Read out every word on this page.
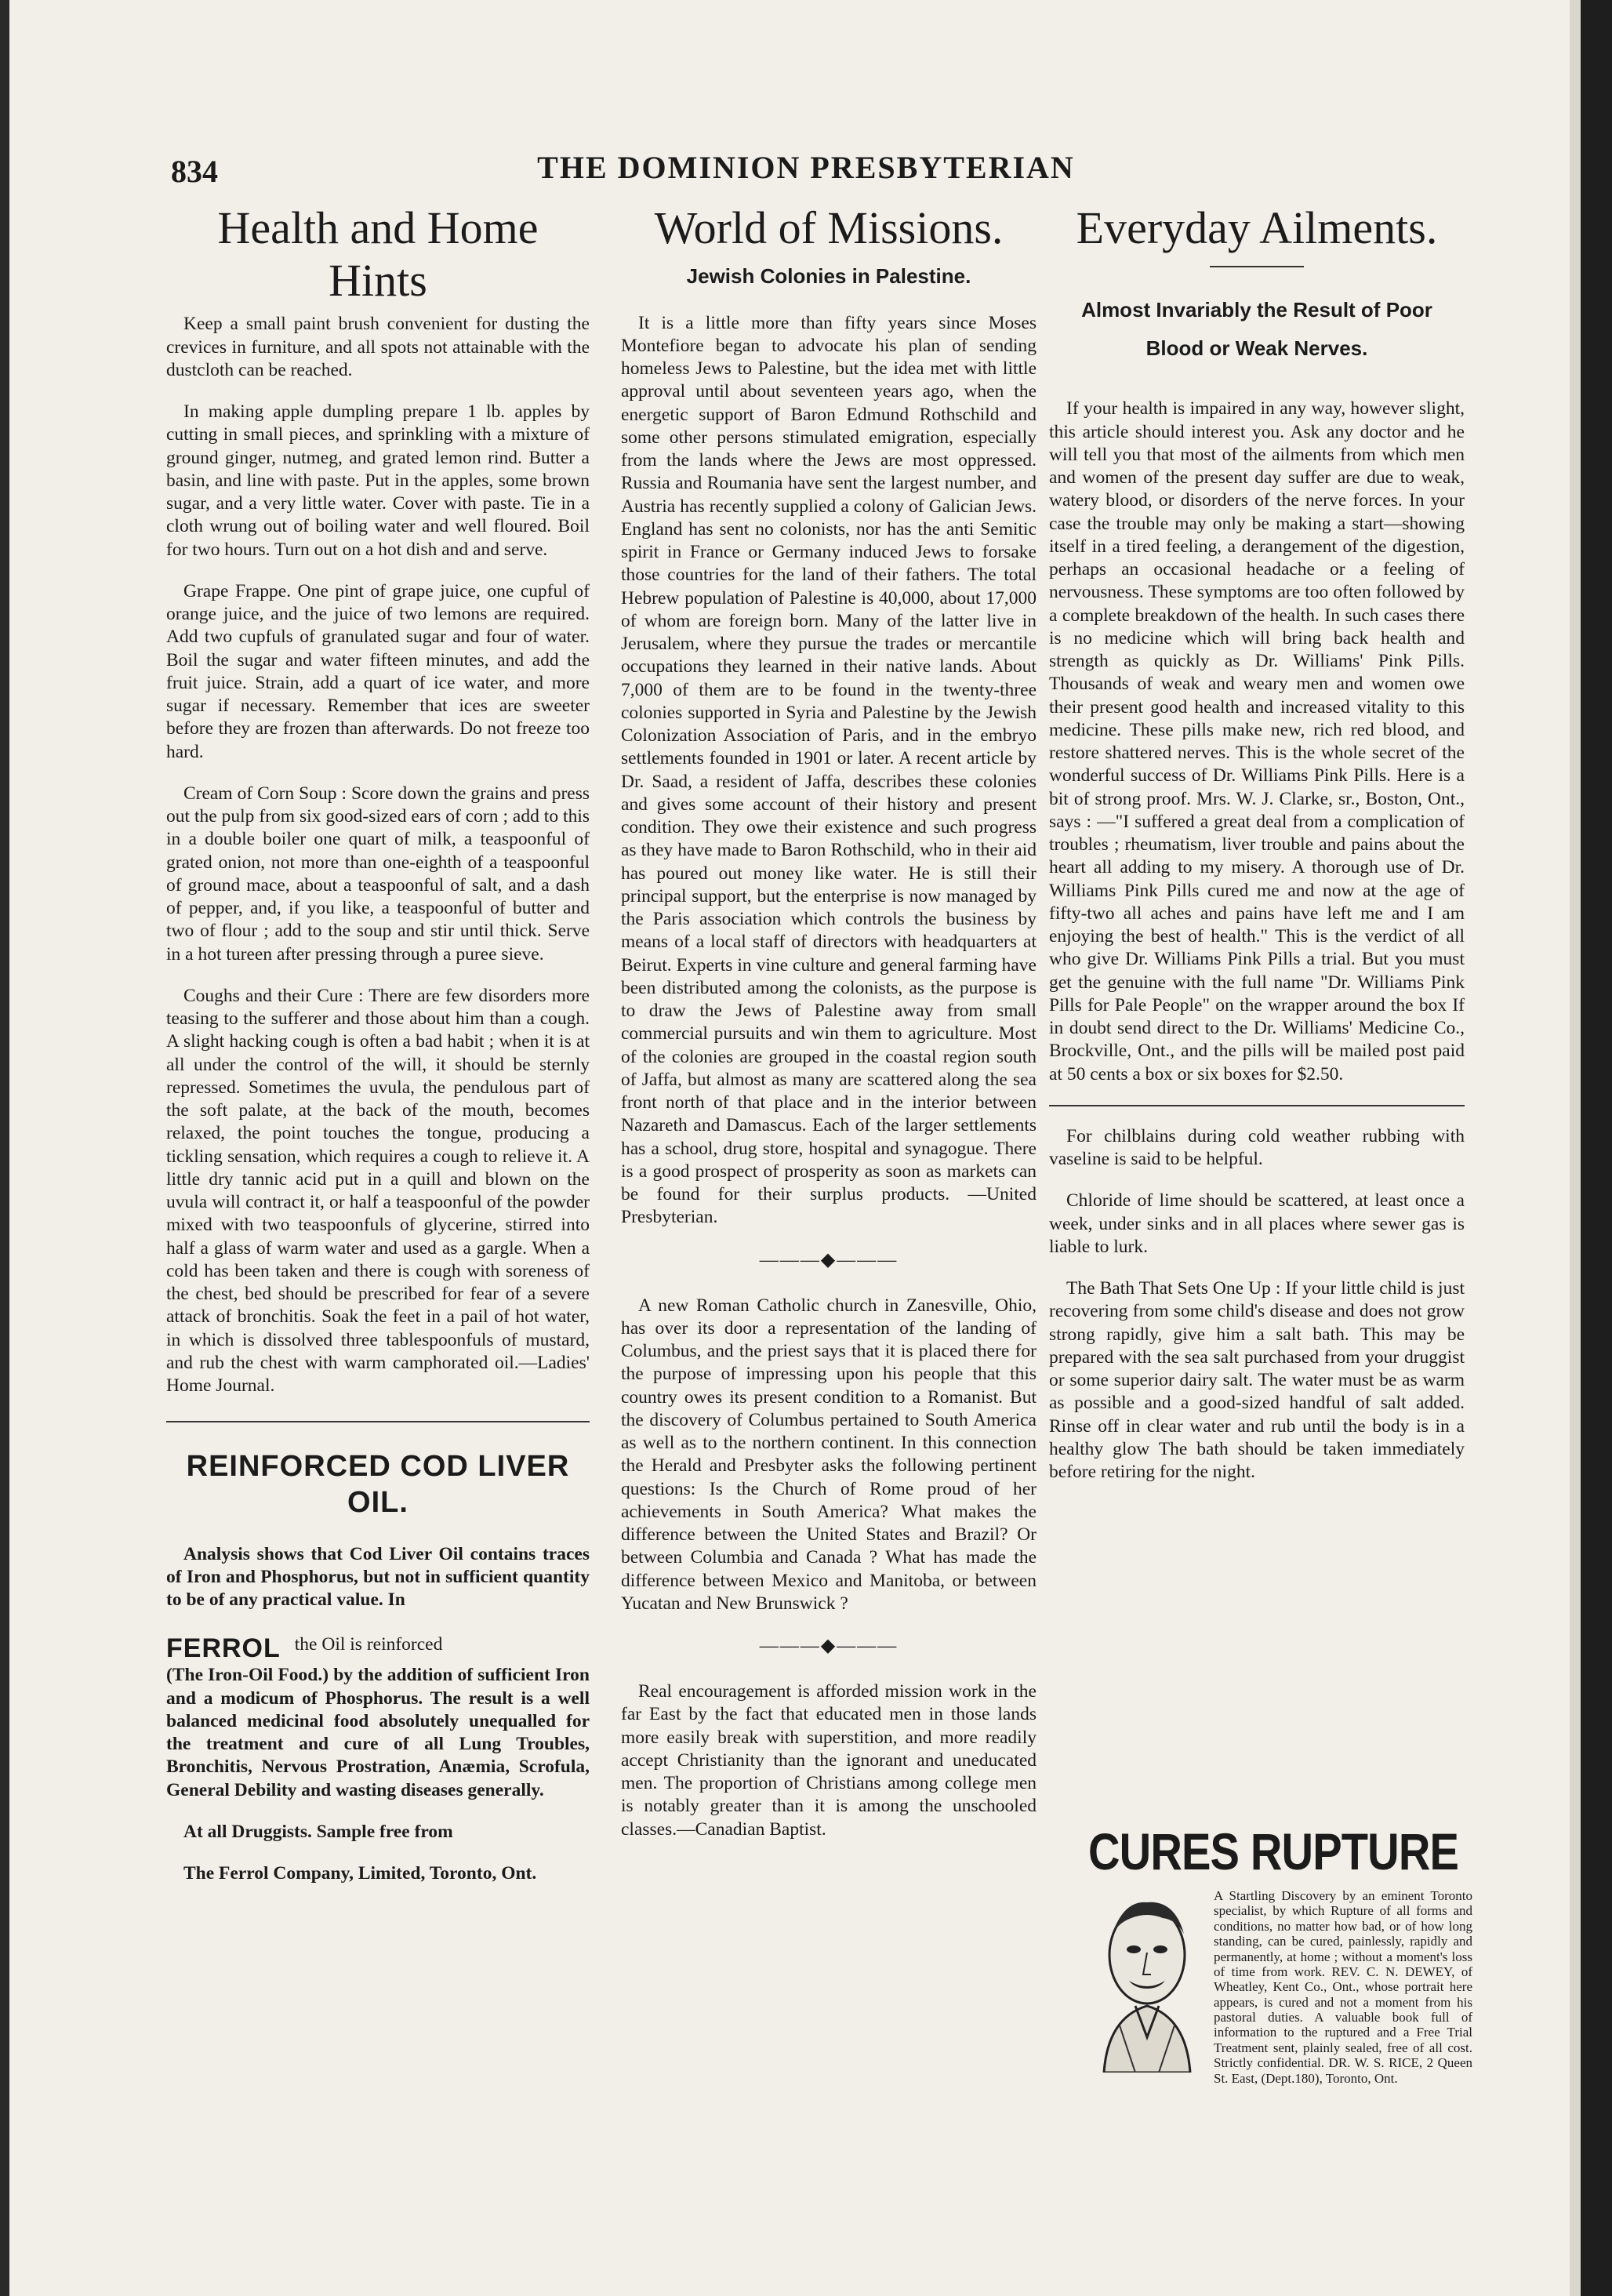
834	THE DOMINION PRESBYTERIAN
Health and Home Hints

Keep a small paint brush convenient for dusting the crevices in furniture, and all spots not attainable with the dustcloth can be reached.

In making apple dumpling prepare 1 lb. apples by cutting in small pieces, and sprinkling with a mixture of ground ginger, nutmeg, and grated lemon rind. Butter a basin, and line with paste. Put in the apples, some brown sugar, and a very little water. Cover with paste. Tie in a cloth wrung out of boiling water and well floured. Boil for two hours. Turn out on a hot dish and and serve.

Grape Frappe. One pint of grape juice, one cupful of orange juice, and the juice of two lemons are required. Add two cupfuls of granulated sugar and four of water. Boil the sugar and water fifteen minutes, and add the fruit juice. Strain, add a quart of ice water, and more sugar if necessary. Remember that ices are sweeter before they are frozen than afterwards. Do not freeze too hard.

Cream of Corn Soup : Score down the grains and press out the pulp from six good-sized ears of corn ; add to this in a double boiler one quart of milk, a teaspoonful of grated onion, not more than one-eighth of a teaspoonful of ground mace, about a teaspoonful of salt, and a dash of pepper, and, if you like, a teaspoonful of butter and two of flour ; add to the soup and stir until thick. Serve in a hot tureen after pressing through a puree sieve.

Coughs and their Cure : There are few disorders more teasing to the sufferer and those about him than a cough. A slight hacking cough is often a bad habit ; when it is at all under the control of the will, it should be sternly repressed. Sometimes the uvula, the pendulous part of the soft palate, at the back of the mouth, becomes relaxed, the point touches the tongue, producing a tickling sensation, which requires a cough to relieve it. A little dry tannic acid put in a quill and blown on the uvula will contract it, or half a teaspoonful of the powder mixed with two teaspoonfuls of glycerine, stirred into half a glass of warm water and used as a gargle. When a cold has been taken and there is cough with soreness of the chest, bed should be prescribed for fear of a severe attack of bronchitis. Soak the feet in a pail of hot water, in which is dissolved three tablespoonfuls of mustard, and rub the chest with warm camphorated oil.—Ladies' Home Journal.

REINFORCED COD LIVER OIL.

Analysis shows that Cod Liver Oil contains traces of Iron and Phosphorus, but not in sufficient quantity to be of any practical value. In

FERROL the Oil is reinforced

(The Iron-Oil Food.) by the addition of sufficient Iron and a modicum of Phosphorus. The result is a well balanced medicinal food absolutely unequalled for the treatment and cure of all Lung Troubles, Bronchitis, Nervous Prostration, Anæmia, Scrofula, General Debility and wasting diseases generally.

At all Druggists. Sample free from

The Ferrol Company, Limited, Toronto, Ont.

World of Missions.
Jewish Colonies in Palestine.

It is a little more than fifty years since Moses Montefiore began to advocate his plan of sending homeless Jews to Palestine, but the idea met with little approval until about seventeen years ago, when the energetic support of Baron Edmund Rothschild and some other persons stimulated emigration, especially from the lands where the Jews are most oppressed. Russia and Roumania have sent the largest number, and Austria has recently supplied a colony of Galician Jews. England has sent no colonists, nor has the anti Semitic spirit in France or Germany induced Jews to forsake those countries for the land of their fathers. The total Hebrew population of Palestine is 40,000, about 17,000 of whom are foreign born. Many of the latter live in Jerusalem, where they pursue the trades or mercantile occupations they learned in their native lands. About 7,000 of them are to be found in the twenty-three colonies supported in Syria and Palestine by the Jewish Colonization Association of Paris, and in the embryo settlements founded in 1901 or later. A recent article by Dr. Saad, a resident of Jaffa, describes these colonies and gives some account of their history and present condition. They owe their existence and such progress as they have made to Baron Rothschild, who in their aid has poured out money like water. He is still their principal support, but the enterprise is now managed by the Paris association which controls the business by means of a local staff of directors with headquarters at Beirut. Experts in vine culture and general farming have been distributed among the colonists, as the purpose is to draw the Jews of Palestine away from small commercial pursuits and win them to agriculture. Most of the colonies are grouped in the coastal region south of Jaffa, but almost as many are scattered along the sea front north of that place and in the interior between Nazareth and Damascus. Each of the larger settlements has a school, drug store, hospital and synagogue. There is a good prospect of prosperity as soon as markets can be found for their surplus products. —United Presbyterian.

———◆———

A new Roman Catholic church in Zanesville, Ohio, has over its door a representation of the landing of Columbus, and the priest says that it is placed there for the purpose of impressing upon his people that this country owes its present condition to a Romanist. But the discovery of Columbus pertained to South America as well as to the northern continent. In this connection the Herald and Presbyter asks the following pertinent questions: Is the Church of Rome proud of her achievements in South America? What makes the difference between the United States and Brazil? Or between Columbia and Canada ? What has made the difference between Mexico and Manitoba, or between Yucatan and New Brunswick ?

———◆———

Real encouragement is afforded mission work in the far East by the fact that educated men in those lands more easily break with superstition, and more readily accept Christianity than the ignorant and uneducated men. The proportion of Christians among college men is notably greater than it is among the unschooled classes.—Canadian Baptist.

Everyday Ailments.
Almost Invariably the Result of Poor
Blood or Weak Nerves.

If your health is impaired in any way, however slight, this article should interest you. Ask any doctor and he will tell you that most of the ailments from which men and women of the present day suffer are due to weak, watery blood, or disorders of the nerve forces. In your case the trouble may only be making a start—showing itself in a tired feeling, a derangement of the digestion, perhaps an occasional headache or a feeling of nervousness. These symptoms are too often followed by a complete breakdown of the health. In such cases there is no medicine which will bring back health and strength as quickly as Dr. Williams' Pink Pills. Thousands of weak and weary men and women owe their present good health and increased vitality to this medicine. These pills make new, rich red blood, and restore shattered nerves. This is the whole secret of the wonderful success of Dr. Williams Pink Pills. Here is a bit of strong proof. Mrs. W. J. Clarke, sr., Boston, Ont., says : —"I suffered a great deal from a complication of troubles ; rheumatism, liver trouble and pains about the heart all adding to my misery. A thorough use of Dr. Williams Pink Pills cured me and now at the age of fifty-two all aches and pains have left me and I am enjoying the best of health." This is the verdict of all who give Dr. Williams Pink Pills a trial. But you must get the genuine with the full name "Dr. Williams Pink Pills for Pale People" on the wrapper around the box If in doubt send direct to the Dr. Williams' Medicine Co., Brockville, Ont., and the pills will be mailed post paid at 50 cents a box or six boxes for $2.50.

For chilblains during cold weather rubbing with vaseline is said to be helpful.

Chloride of lime should be scattered, at least once a week, under sinks and in all places where sewer gas is liable to lurk.

The Bath That Sets One Up : If your little child is just recovering from some child's disease and does not grow strong rapidly, give him a salt bath. This may be prepared with the sea salt purchased from your druggist or some superior dairy salt. The water must be as warm as possible and a good-sized handful of salt added. Rinse off in clear water and rub until the body is in a healthy glow The bath should be taken immediately before retiring for the night.

CURES RUPTURE
A Startling Discovery by an eminent Toronto specialist, by which Rupture of all forms and conditions, no matter how bad, or of how long standing, can be cured, painlessly, rapidly and permanently, at home ; without a moment's loss of time from work. REV. C. N. DEWEY, of Wheatley, Kent Co., Ont., whose portrait here appears, is cured and not a moment from his pastoral duties. A valuable book full of information to the ruptured and a Free Trial Treatment sent, plainly sealed, free of all cost. Strictly confidential. DR. W. S. RICE, 2 Queen St. East, (Dept.180), Toronto, Ont.
